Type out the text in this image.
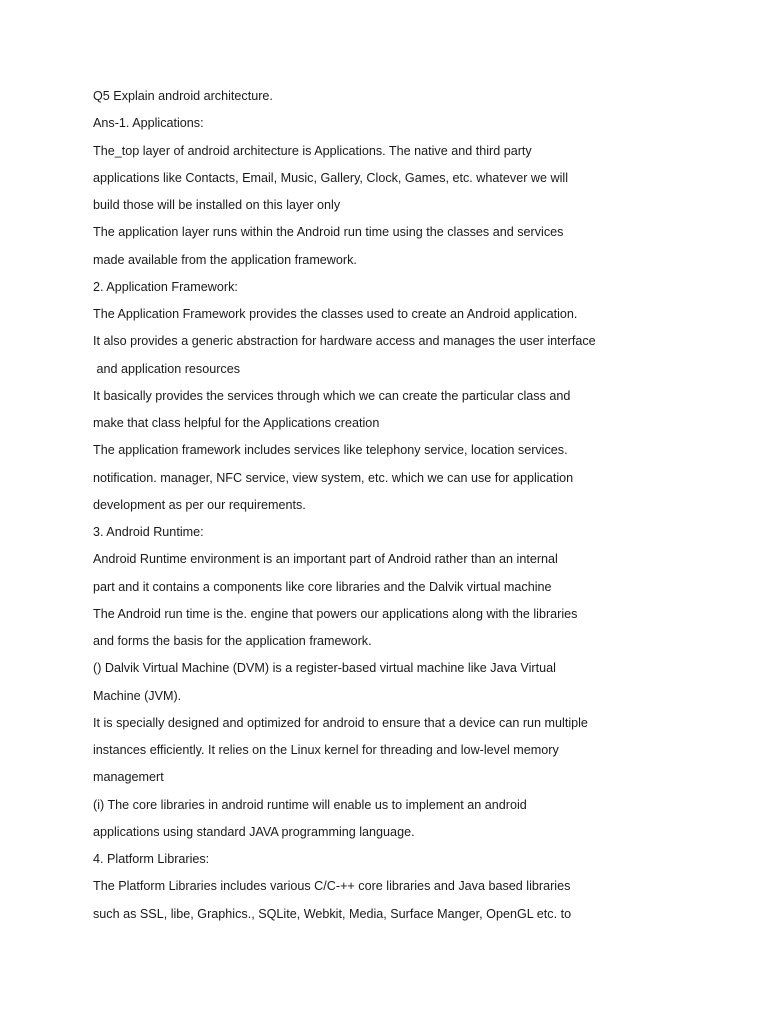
Q5 Explain android architecture.
Ans-1. Applications:
The_top layer of android architecture is Applications. The native and third party
applications like Contacts, Email, Music, Gallery, Clock, Games, etc. whatever we will
build those will be installed on this layer only
The application layer runs within the Android run time using the classes and services
made available from the application framework.
2. Application Framework:
The Application Framework provides the classes used to create an Android application.
It also provides a generic abstraction for hardware access and manages the user interface
and application resources
It basically provides the services through which we can create the particular class and
make that class helpful for the Applications creation
The application framework includes services like telephony service, location services.
notification. manager, NFC service, view system, etc. which we can use for application
development as per our requirements.
3. Android Runtime:
Android Runtime environment is an important part of Android rather than an internal
part and it contains a components like core libraries and the Dalvik virtual machine
The Android run time is the. engine that powers our applications along with the libraries
and forms the basis for the application framework.
() Dalvik Virtual Machine (DVM) is a register-based virtual machine like Java Virtual
Machine (JVM).
It is specially designed and optimized for android to ensure that a device can run multiple
instances efficiently. It relies on the Linux kernel for threading and low-level memory
managemert
(i) The core libraries in android runtime will enable us to implement an android
applications using standard JAVA programming language.
4. Platform Libraries:
The Platform Libraries includes various C/C-++ core libraries and Java based libraries
such as SSL, libe, Graphics., SQLite, Webkit, Media, Surface Manger, OpenGL etc. to
